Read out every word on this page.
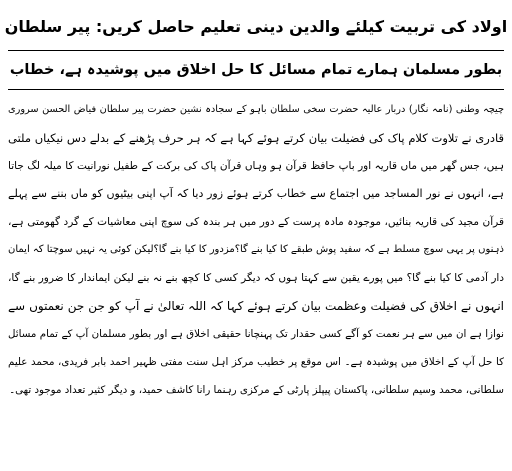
اولاد کی تربیت کیلئے والدین دینی تعلیم حاصل کریں: پیر سلطان
بطور مسلمان ہمارے تمام مسائل کا حل اخلاق میں پوشیدہ ہے، خطاب
چیچہ وطنی (نامہ نگار) دربار عالیہ حضرت سخی سلطان باہو کے سجادہ نشین حضرت پیر سلطان فیاض الحسن سروری
قادری نے تلاوت کلام پاک کی فضیلت بیان کرتے ہوئے کہا ہے کہ ہر حرف پڑھنے کے بدلے دس نیکیاں ملتی
ہیں، جس گھر میں ماں قاریہ اور باپ حافظ قرآن ہو وہاں قرآن پاک کی برکت کے طفیل نورانیت کا میلہ لگ جاتا
ہے، انہوں نے نور المساجد میں اجتماع سے خطاب کرتے ہوئے زور دیا کہ آپ اپنی بیٹیوں کو ماں بننے سے پہلے
قرآن مجید کی قاریہ بنائیں، موجودہ مادہ پرست کے دور میں ہر بندہ کی سوچ اپنی معاشیات کے گرد گھومتی ہے،
ذہنوں پر یہی سوچ مسلط ہے کہ سفید پوش طبقے کا کیا بنے گا؟مزدور کا کیا بنے گا؟لیکن کوئی یہ نہیں سوچتا کہ ایمان
دار آدمی کا کیا بنے گا؟ میں پورے یقین سے کہتا ہوں کہ دیگر کسی کا کچھ بنے نہ بنے لیکن ایماندار کا ضرور بنے گا،
انہوں نے اخلاق کی فضیلت وعظمت بیان کرتے ہوئے کہا کہ اللہ تعالیٰ نے آپ کو جن جن نعمتوں سے
نوازا ہے ان میں سے ہر نعمت کو آگے کسی حقدار تک پہنچانا حقیقی اخلاق ہے اور بطور مسلمان آپ کے تمام مسائل
کا حل آپ کے اخلاق میں پوشیدہ ہے۔ اس موقع پر خطیب مرکز اہل سنت مفتی ظہیر احمد بابر فریدی، محمد علیم
سلطانی، محمد وسیم سلطانی، پاکستان پیپلز پارٹی کے مرکزی رہنما رانا کاشف حمید، و دیگر کثیر تعداد موجود تھی۔
